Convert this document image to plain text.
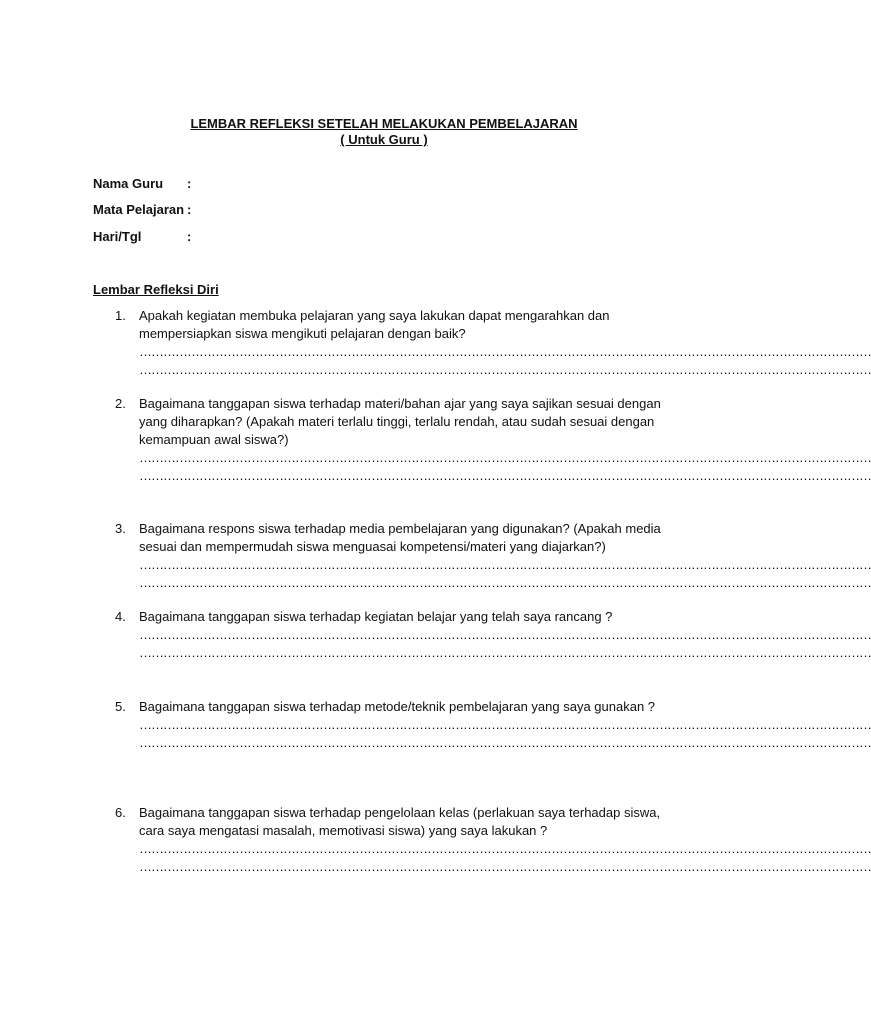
LEMBAR REFLEKSI SETELAH MELAKUKAN PEMBELAJARAN
( Untuk Guru )
Nama Guru :
Mata Pelajaran :
Hari/Tgl	:
Lembar Refleksi Diri
1. Apakah kegiatan membuka pelajaran yang saya lakukan dapat mengarahkan dan mempersiapkan siswa mengikuti pelajaran dengan baik?
…………………………………………………………………………………………………………………………………………………………………
…………………………………………………………………………………………………………………………………………………………………
2. Bagaimana tanggapan siswa terhadap materi/bahan ajar yang saya sajikan sesuai dengan yang diharapkan? (Apakah materi terlalu tinggi, terlalu rendah, atau sudah sesuai dengan kemampuan awal siswa?)
…………………………………………………………………………………………………………………………………………………………………
…………………………………………………………………………………………………………………………………………………………………
3. Bagaimana respons siswa terhadap media pembelajaran yang digunakan? (Apakah media sesuai dan mempermudah siswa menguasai kompetensi/materi yang diajarkan?)
…………………………………………………………………………………………………………………………………………………………………
…………………………………………………………………………………………………………………………………………………………………
4. Bagaimana tanggapan siswa terhadap kegiatan belajar yang telah saya rancang ?
…………………………………………………………………………………………………………………………………………………………………
…………………………………………………………………………………………………………………………………………………………………
5. Bagaimana tanggapan siswa terhadap metode/teknik pembelajaran yang saya gunakan ?
…………………………………………………………………………………………………………………………………………………………………
…………………………………………………………………………………………………………………………………………………………………
6. Bagaimana tanggapan siswa terhadap pengelolaan kelas (perlakuan saya terhadap siswa, cara saya mengatasi masalah, memotivasi siswa) yang saya lakukan ?
…………………………………………………………………………………………………………………………………………………………………
…………………………………………………………………………………………………………………………………………………………………
